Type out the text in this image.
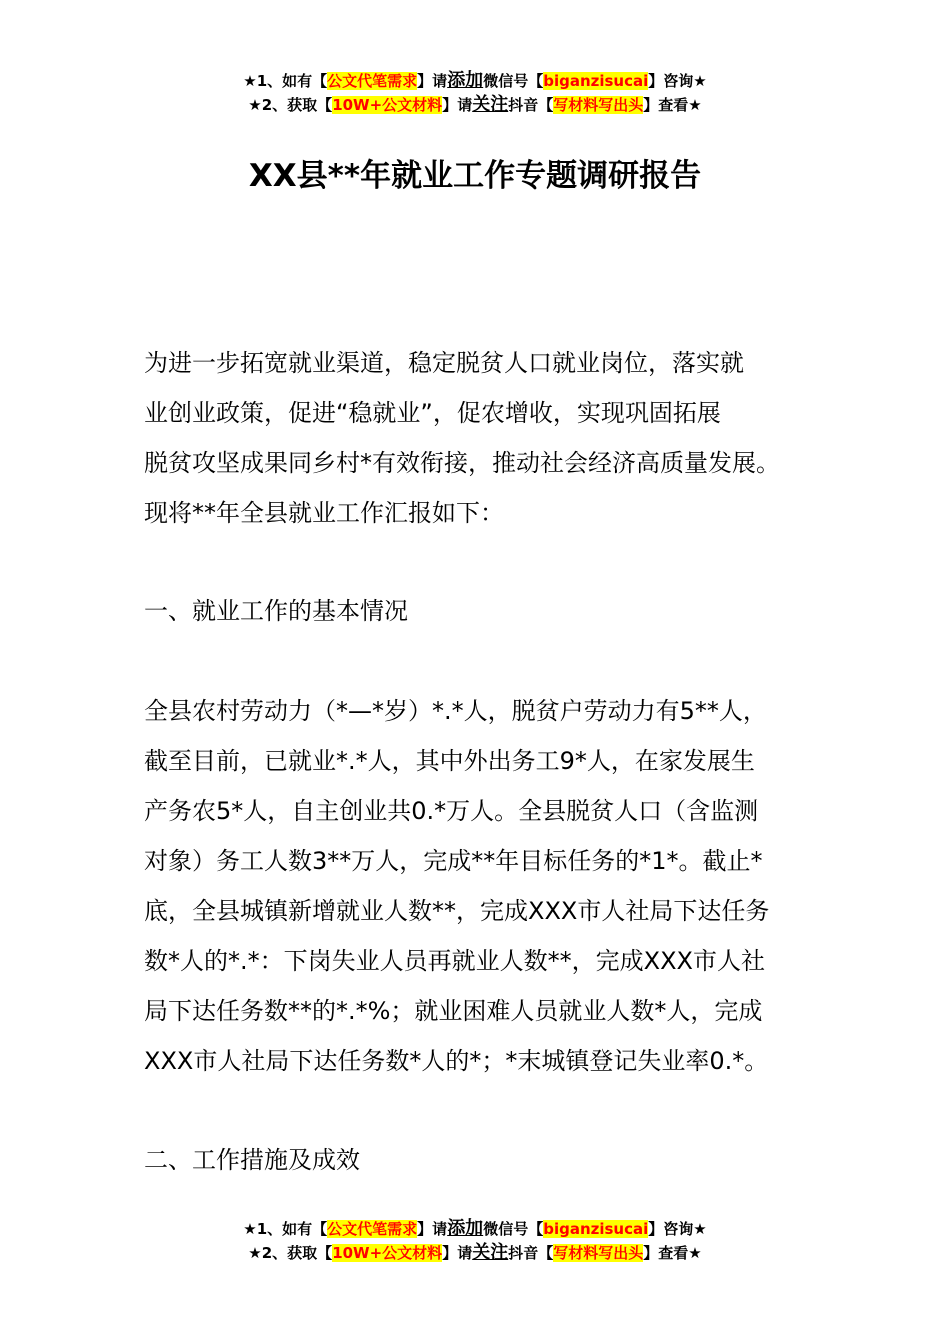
★1、如有【公文代笔需求】请添加微信号【biganzisucai】咨询★
★2、获取【10W+公文材料】请关注抖音【写材料写出头】查看★
XX县**年就业工作专题调研报告

为进一步拓宽就业渠道，稳定脱贫人口就业岗位，落实就

业创业政策，促进“稳就业”，促农增收，实现巩固拓展

脱贫攻坚成果同乡村*有效衔接，推动社会经济高质量发展。

现将**年全县就业工作汇报如下：

一、就业工作的基本情况

全县农村劳动力（*—*岁）*.*人，脱贫户劳动力有5**人，

截至目前，已就业*.*人，其中外出务工9*人，在家发展生

产务农5*人，自主创业共0.*万人。全县脱贫人口（含监测

对象）务工人数3**万人，完成**年目标任务的*1*。截止*

底，全县城镇新增就业人数**，完成XXX市人社局下达任务

数*人的*.*：下岗失业人员再就业人数**，完成XXX市人社

局下达任务数**的*.*%；就业困难人员就业人数*人，完成

XXX市人社局下达任务数*人的*；*末城镇登记失业率0.*。

二、工作措施及成效

★1、如有【公文代笔需求】请添加微信号【biganzisucai】咨询★
★2、获取【10W+公文材料】请关注抖音【写材料写出头】查看★
